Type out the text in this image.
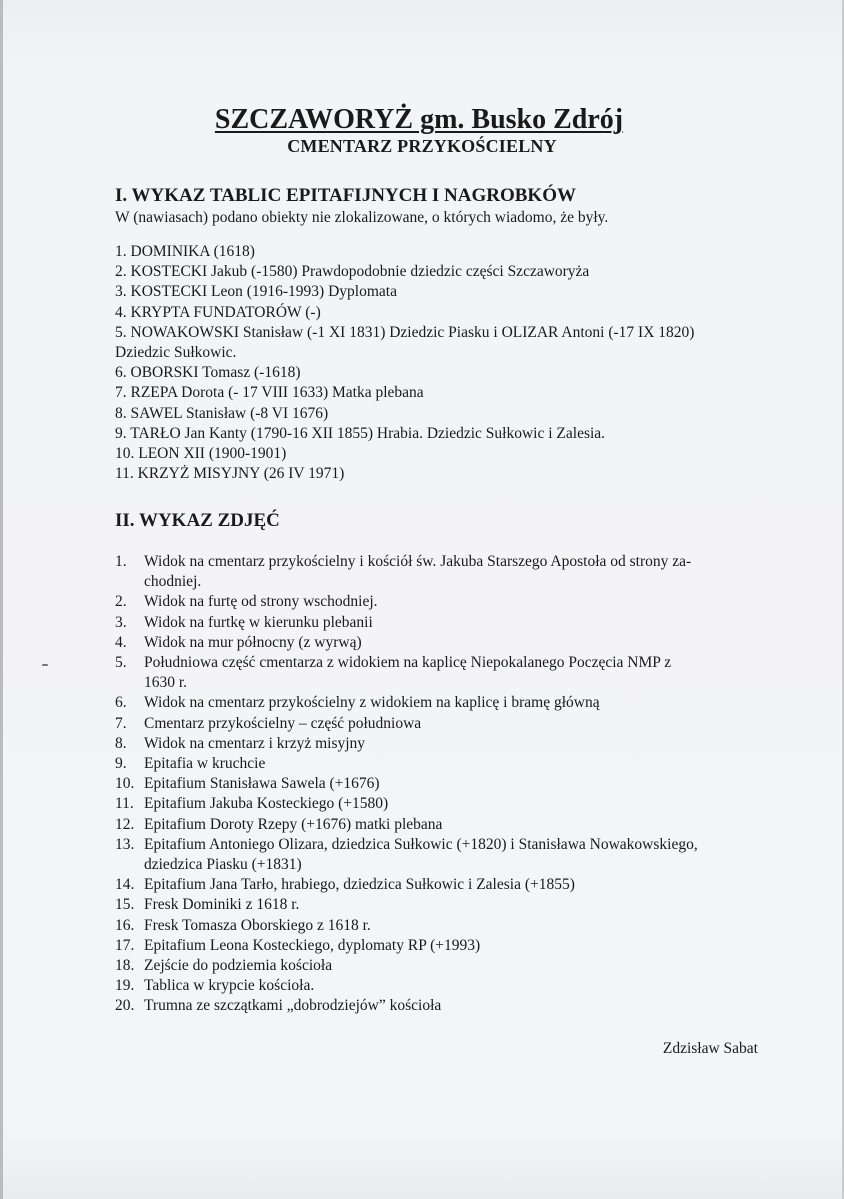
SZCZAWORYŻ gm. Busko Zdrój
CMENTARZ PRZYKOŚCIELNY
I. WYKAZ TABLIC EPITAFIJNYCH I NAGROBKÓW
W (nawiasach) podano obiekty nie zlokalizowane, o których wiadomo, że były.
1. DOMINIKA (1618)
2. KOSTECKI Jakub (-1580) Prawdopodobnie dziedzic części Szczaworyża
3. KOSTECKI Leon (1916-1993) Dyplomata
4. KRYPTA FUNDATORÓW (-)
5. NOWAKOWSKI Stanisław (-1 XI 1831) Dziedzic Piasku i OLIZAR Antoni (-17 IX 1820)
Dziedzic Sułkowic.
6. OBORSKI Tomasz (-1618)
7. RZEPA Dorota (- 17 VIII 1633) Matka plebana
8. SAWEL Stanisław (-8 VI 1676)
9. TARŁO Jan Kanty (1790-16 XII 1855) Hrabia. Dziedzic Sułkowic i Zalesia.
10. LEON XII (1900-1901)
11. KRZYŻ MISYJNY (26 IV 1971)
II. WYKAZ ZDJĘĆ
1.	Widok na cmentarz przykościelny i kościół św. Jakuba Starszego Apostoła od strony za-
chodniej.
2.	Widok na furtę od strony wschodniej.
3.	Widok na furtkę w kierunku plebanii
4.	Widok na mur północny (z wyrwą)
5.	Południowa część cmentarza z widokiem na kaplicę Niepokalanego Poczęcia NMP z
1630 r.
6.	Widok na cmentarz przykościelny z widokiem na kaplicę i bramę główną
7.	Cmentarz przykościelny – część południowa
8.	Widok na cmentarz i krzyż misyjny
9.	Epitafia w kruchcie
10. Epitafium Stanisława Sawela (+1676)
11. Epitafium Jakuba Kosteckiego (+1580)
12. Epitafium Doroty Rzepy (+1676) matki plebana
13. Epitafium Antoniego Olizara, dziedzica Sułkowic (+1820) i Stanisława Nowakowskiego,
dziedzica Piasku (+1831)
14. Epitafium Jana Tarło, hrabiego, dziedzica Sułkowic i Zalesia (+1855)
15. Fresk Dominiki z 1618 r.
16. Fresk Tomasza Oborskiego z 1618 r.
17. Epitafium Leona Kosteckiego, dyplomaty RP (+1993)
18. Zejście do podziemia kościoła
19. Tablica w krypcie kościoła.
20. Trumna ze szczątkami „dobrodziejów” kościoła
Zdzisław Sabat
